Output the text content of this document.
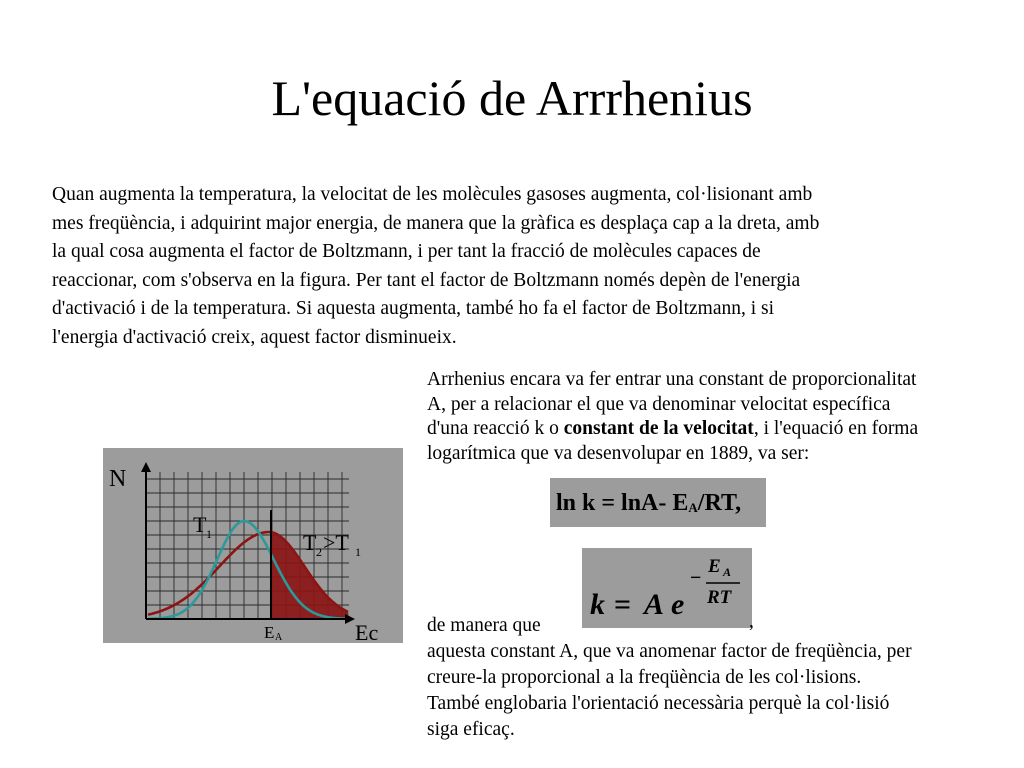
L'equació de Arrrhenius
Quan augmenta la temperatura, la velocitat de les molècules gasoses augmenta, col·lisionant amb
mes freqüència, i adquirint major energia, de manera que la gràfica es desplaça cap a la dreta, amb
la qual cosa augmenta el factor de Boltzmann, i per tant la fracció de molècules capaces de
reaccionar, com s'observa en la figura. Per tant el factor de Boltzmann només depèn de l'energia
d'activació i de la temperatura. Si aquesta augmenta, també ho fa el factor de Boltzmann, i si
l'energia d'activació creix, aquest factor disminueix.
Arrhenius encara va fer entrar una constant de proporcionalitat
A, per a relacionar el que va denominar velocitat específica
d'una reacció k o constant de la velocitat, i l'equació en forma
logarítmica que va desenvolupar en 1889, va ser:
ln k = lnA- $E_A/RT$,
k = A e
−
E A
RT
de manera que	,
aquesta constant A, que va anomenar factor de freqüència, per
creure-la proporcional a la freqüència de les col·lisions.
També englobaria l'orientació necessària perquè la col·lisió
siga eficaç.
N
Ec
T 1	T 2 >T 1
E A
